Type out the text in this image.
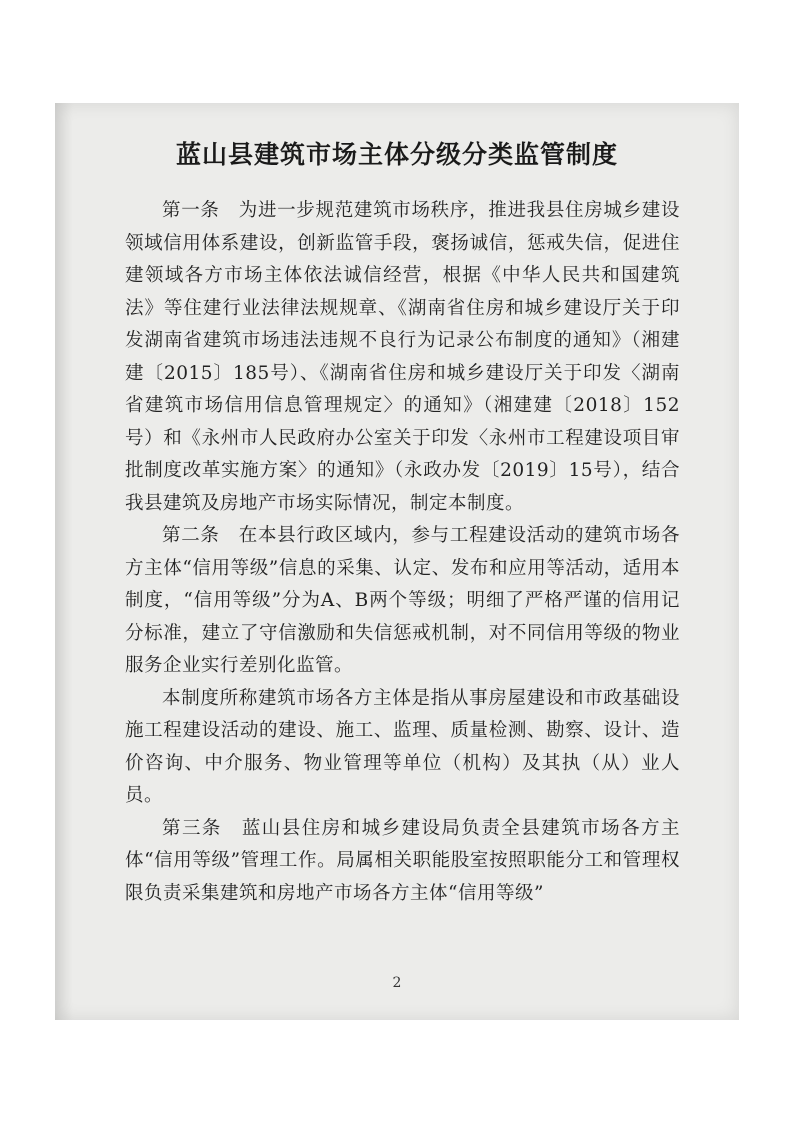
蓝山县建筑市场主体分级分类监管制度

第一条　为进一步规范建筑市场秩序，推进我县住房城乡建设领域信用体系建设，创新监管手段，褒扬诚信，惩戒失信，促进住建领域各方市场主体依法诚信经营，根据《中华人民共和国建筑法》等住建行业法律法规规章、《湖南省住房和城乡建设厅关于印发湖南省建筑市场违法违规不良行为记录公布制度的通知》（湘建建〔2015〕185号）、《湖南省住房和城乡建设厅关于印发〈湖南省建筑市场信用信息管理规定〉的通知》（湘建建〔2018〕152号）和《永州市人民政府办公室关于印发〈永州市工程建设项目审批制度改革实施方案〉的通知》（永政办发〔2019〕15号），结合我县建筑及房地产市场实际情况，制定本制度。

第二条　在本县行政区域内，参与工程建设活动的建筑市场各方主体“信用等级”信息的采集、认定、发布和应用等活动，适用本制度，“信用等级”分为A、B两个等级；明细了严格严谨的信用记分标准，建立了守信激励和失信惩戒机制，对不同信用等级的物业服务企业实行差别化监管。

本制度所称建筑市场各方主体是指从事房屋建设和市政基础设施工程建设活动的建设、施工、监理、质量检测、勘察、设计、造价咨询、中介服务、物业管理等单位（机构）及其执（从）业人员。

第三条　蓝山县住房和城乡建设局负责全县建筑市场各方主体“信用等级”管理工作。局属相关职能股室按照职能分工和管理权限负责采集建筑和房地产市场各方主体“信用等级”

2
